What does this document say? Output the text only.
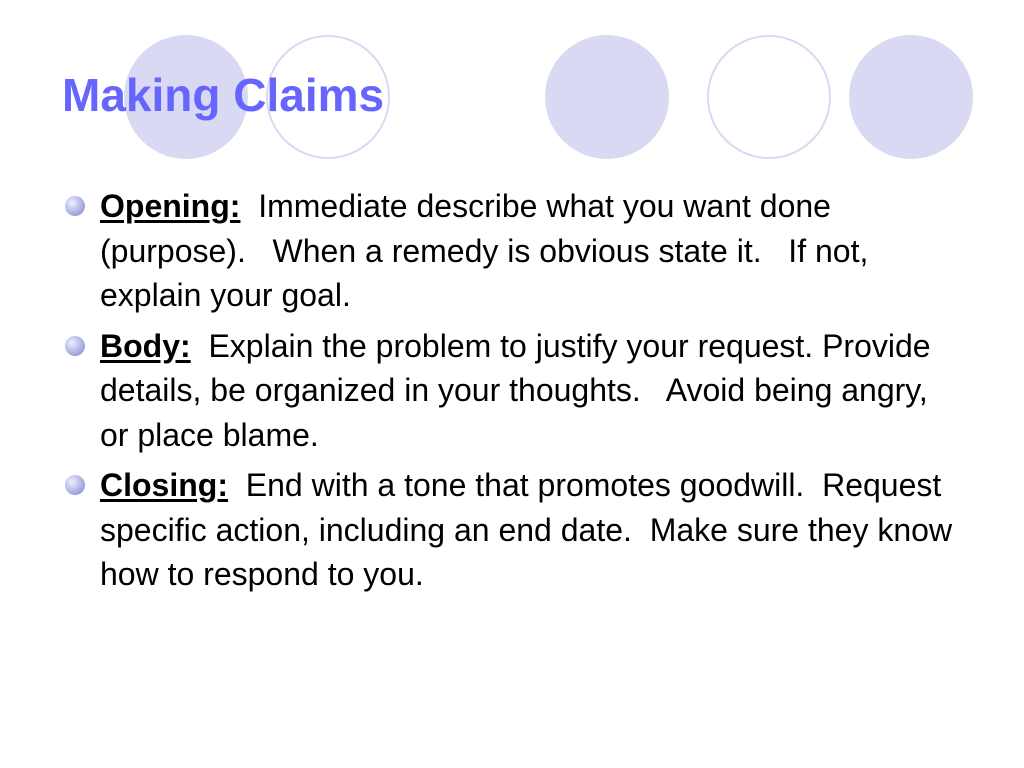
Making Claims
Opening:  Immediate describe what you want done (purpose).   When a remedy is obvious state it.   If not, explain your goal.
Body:  Explain the problem to justify your request. Provide details, be organized in your thoughts.   Avoid being angry, or place blame.
Closing:  End with a tone that promotes goodwill.  Request specific action, including an end date.  Make sure they know how to respond to you.
